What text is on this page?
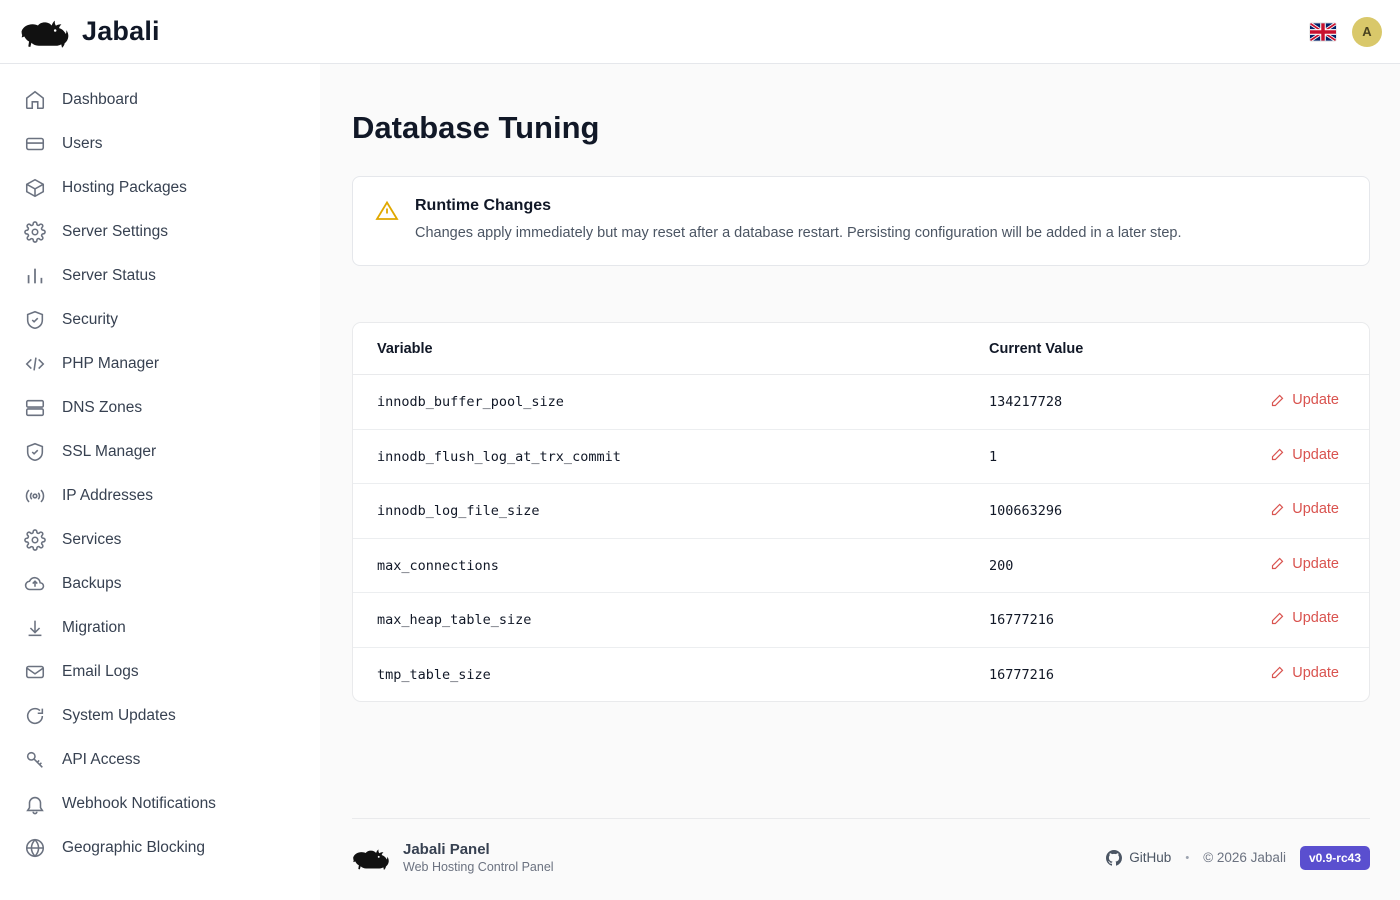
Jabali	A
Dashboard
Users
Hosting Packages
Server Settings
Server Status
Security
PHP Manager
DNS Zones
SSL Manager
IP Addresses
Services
Backups
Migration
Email Logs
System Updates
API Access
Webhook Notifications
Geographic Blocking
Database Tuning
Runtime Changes
Changes apply immediately but may reset after a database restart. Persisting configuration will be added in a later step.
Variable	Current Value	
innodb_buffer_pool_size	134217728	Update

innodb_flush_log_at_trx_commit	1	Update

innodb_log_file_size	100663296	Update

max_connections	200	Update

max_heap_table_size	16777216	Update

tmp_table_size	16777216	Update
Jabali Panel
Web Hosting Control Panel
GitHub • © 2026 Jabali	v0.9-rc43
